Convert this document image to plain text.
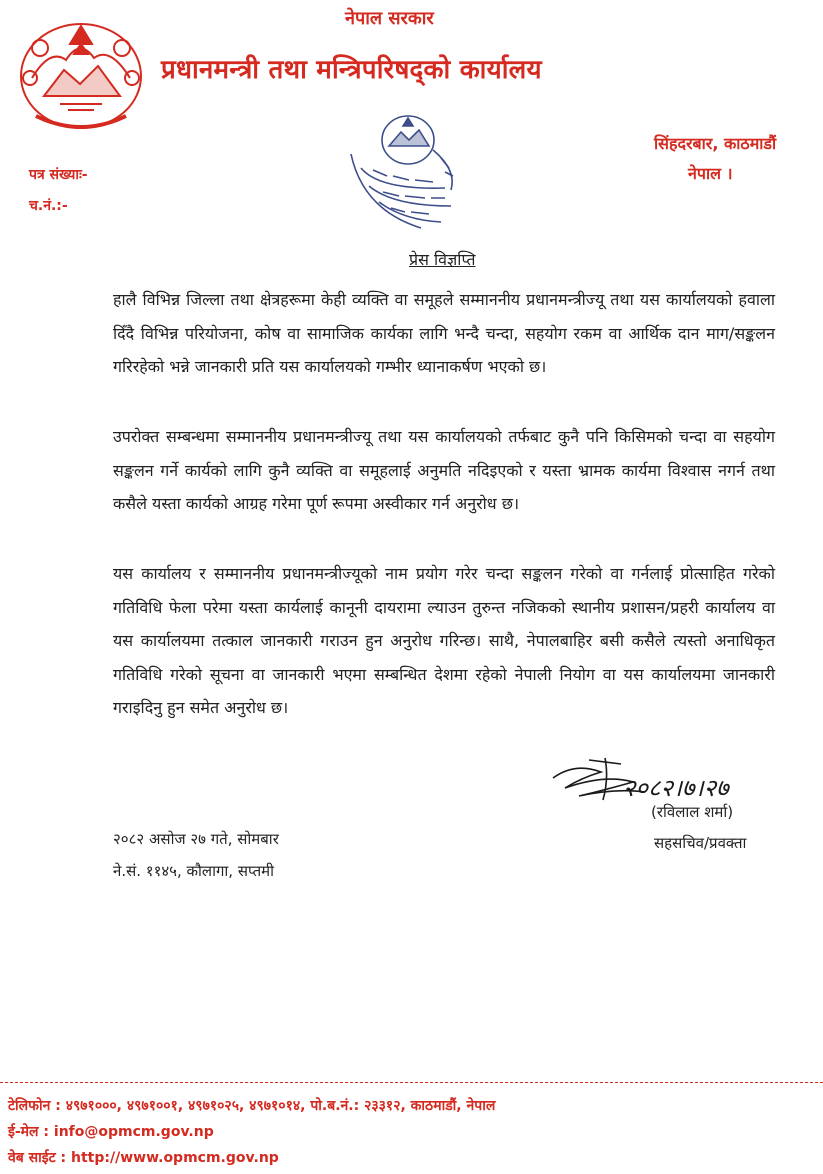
नेपाल सरकार
प्रधानमन्त्री तथा मन्त्रिपरिषद्को कार्यालय
सिंहदरबार, काठमाडौं
नेपाल ।
पत्र संख्याः-
च.नं.:-
प्रेस विज्ञप्ति

हालै विभिन्न जिल्ला तथा क्षेत्रहरूमा केही व्यक्ति वा समूहले सम्माननीय प्रधानमन्त्रीज्यू तथा यस कार्यालयको हवाला दिँदै विभिन्न परियोजना, कोष वा सामाजिक कार्यका लागि भन्दै चन्दा, सहयोग रकम वा आर्थिक दान माग/सङ्कलन गरिरहेको भन्ने जानकारी प्रति यस कार्यालयको गम्भीर ध्यानाकर्षण भएको छ।

उपरोक्त सम्बन्धमा सम्माननीय प्रधानमन्त्रीज्यू तथा यस कार्यालयको तर्फबाट कुनै पनि किसिमको चन्दा वा सहयोग सङ्कलन गर्ने कार्यको लागि कुनै व्यक्ति वा समूहलाई अनुमति नदिइएको र यस्ता भ्रामक कार्यमा विश्वास नगर्न तथा कसैले यस्ता कार्यको आग्रह गरेमा पूर्ण रूपमा अस्वीकार गर्न अनुरोध छ।

यस कार्यालय र सम्माननीय प्रधानमन्त्रीज्यूको नाम प्रयोग गरेर चन्दा सङ्कलन गरेको वा गर्नलाई प्रोत्साहित गरेको गतिविधि फेला परेमा यस्ता कार्यलाई कानूनी दायरामा ल्याउन तुरुन्त नजिकको स्थानीय प्रशासन/प्रहरी कार्यालय वा यस कार्यालयमा तत्काल जानकारी गराउन हुन अनुरोध गरिन्छ। साथै, नेपालबाहिर बसी कसैले त्यस्तो अनाधिकृत गतिविधि गरेको सूचना वा जानकारी भएमा सम्बन्धित देशमा रहेको नेपाली नियोग वा यस कार्यालयमा जानकारी गराइदिनु हुन समेत अनुरोध छ।

२०८२।७।२७
(रविलाल शर्मा)
सहसचिव/प्रवक्ता
२०८२ असोज २७ गते, सोमबार
ने.सं. ११४५, कौलागा, सप्तमी
टेलिफोन : ४९७१०००, ४९७१००१, ४९७१०२५, ४९७१०१४, पो.ब.नं.: २३३१२, काठमाडौं, नेपाल
ई-मेल : info@opmcm.gov.np
वेब साईट : http://www.opmcm.gov.np
